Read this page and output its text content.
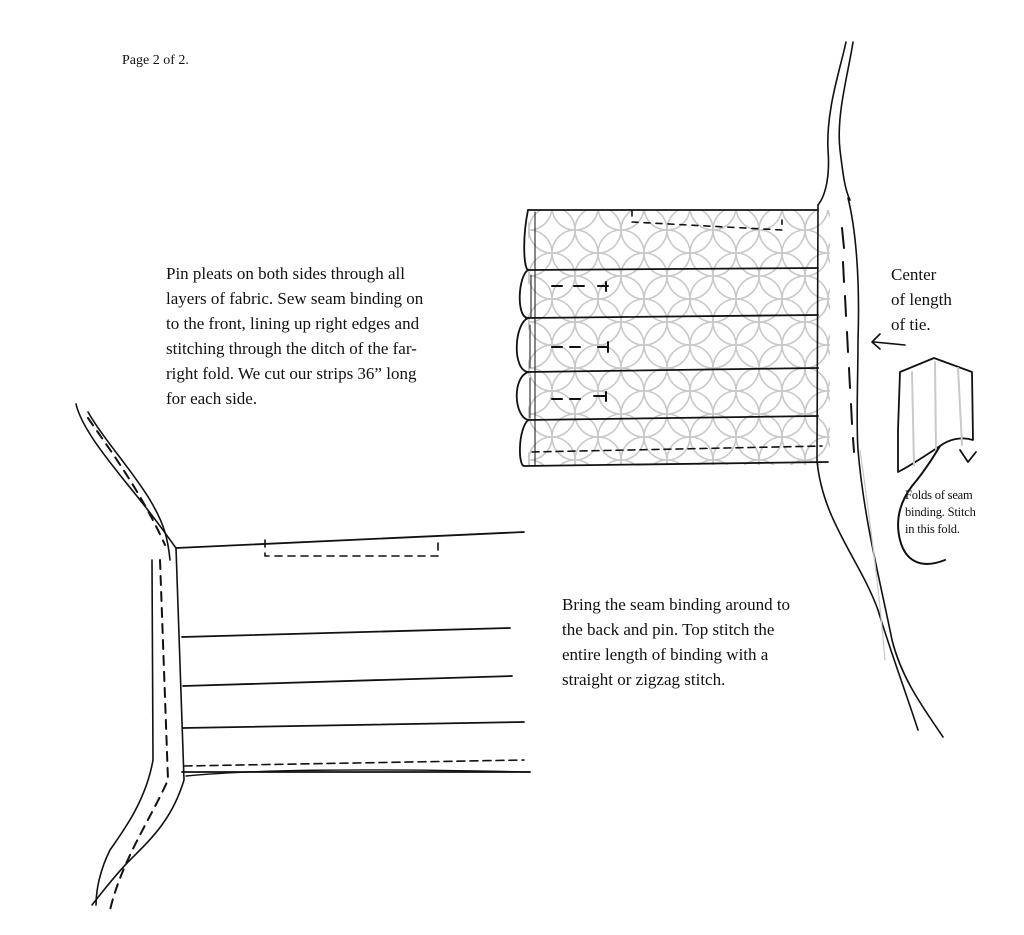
Page 2 of 2.
Pin pleats on both sides through all
layers of fabric. Sew seam binding on
to the front, lining up right edges and
stitching through the ditch of the far-
right fold. We cut our strips 36” long
for each side.
Center
of length
of tie.
Folds of seam
binding. Stitch
in this fold.
Bring the seam binding around to
the back and pin. Top stitch the
entire length of binding with a
straight or zigzag stitch.
